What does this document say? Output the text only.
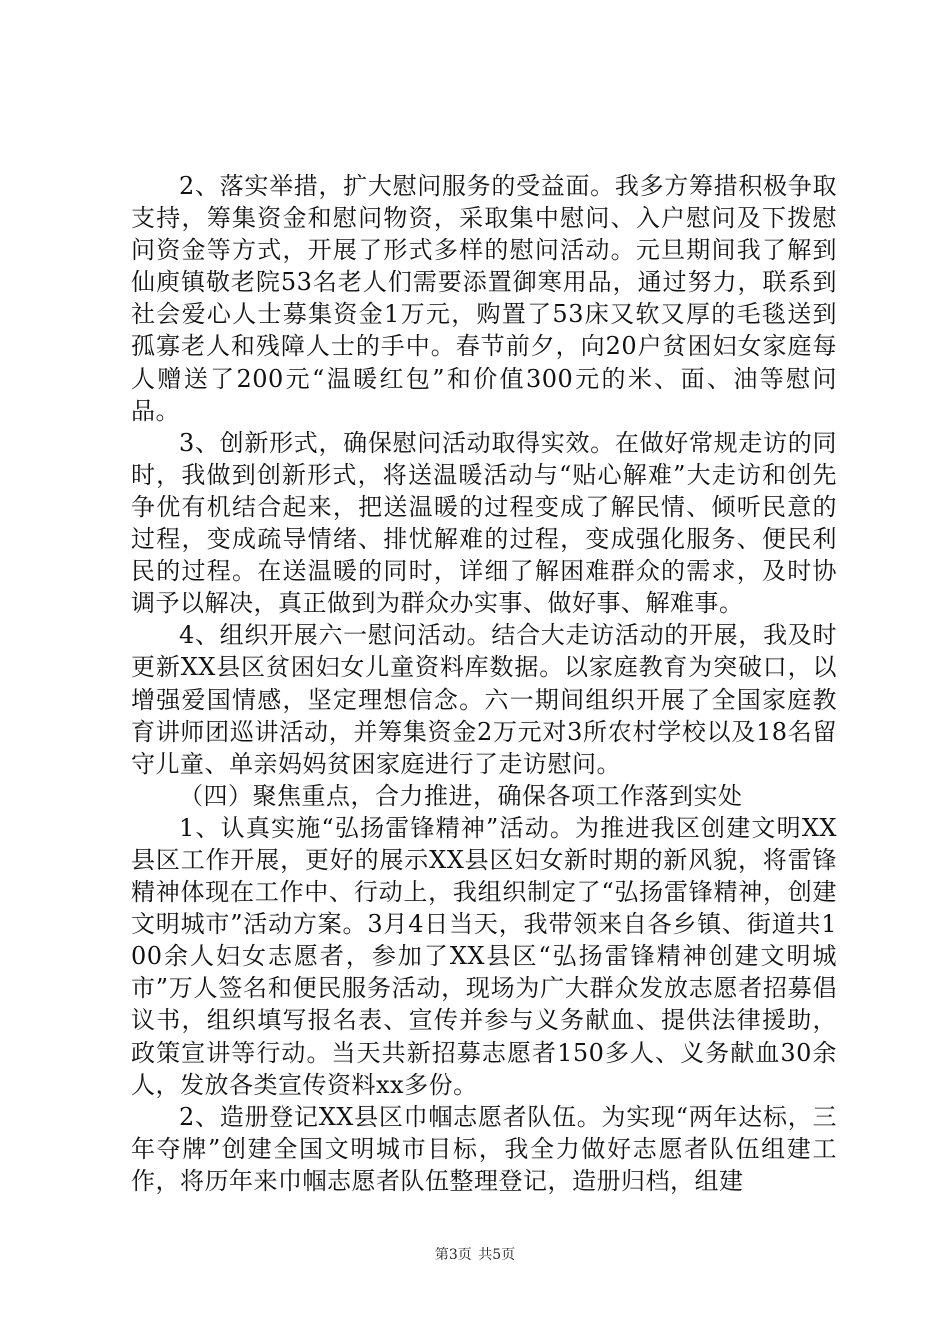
2、落实举措，扩大慰问服务的受益面。我多方筹措积极争取支持，筹集资金和慰问物资，采取集中慰问、入户慰问及下拨慰问资金等方式，开展了形式多样的慰问活动。元旦期间我了解到仙庾镇敬老院53名老人们需要添置御寒用品，通过努力，联系到社会爱心人士募集资金1万元，购置了53床又软又厚的毛毯送到孤寡老人和残障人士的手中。春节前夕，向20户贫困妇女家庭每人赠送了200元“温暖红包”和价值300元的米、面、油等慰问品。

3、创新形式，确保慰问活动取得实效。在做好常规走访的同时，我做到创新形式，将送温暖活动与“贴心解难”大走访和创先争优有机结合起来，把送温暖的过程变成了解民情、倾听民意的过程，变成疏导情绪、排忧解难的过程，变成强化服务、便民利民的过程。在送温暖的同时，详细了解困难群众的需求，及时协调予以解决，真正做到为群众办实事、做好事、解难事。

4、组织开展六一慰问活动。结合大走访活动的开展，我及时更新XX县区贫困妇女儿童资料库数据。以家庭教育为突破口，以增强爱国情感，坚定理想信念。六一期间组织开展了全国家庭教育讲师团巡讲活动，并筹集资金2万元对3所农村学校以及18名留守儿童、单亲妈妈贫困家庭进行了走访慰问。

（四）聚焦重点，合力推进，确保各项工作落到实处

1、认真实施“弘扬雷锋精神”活动。为推进我区创建文明XX县区工作开展，更好的展示XX县区妇女新时期的新风貌，将雷锋精神体现在工作中、行动上，我组织制定了“弘扬雷锋精神，创建文明城市”活动方案。3月4日当天，我带领来自各乡镇、街道共100余人妇女志愿者，参加了XX县区“弘扬雷锋精神创建文明城市”万人签名和便民服务活动，现场为广大群众发放志愿者招募倡议书，组织填写报名表、宣传并参与义务献血、提供法律援助，政策宣讲等行动。当天共新招募志愿者150多人、义务献血30余人，发放各类宣传资料xx多份。

2、造册登记XX县区巾帼志愿者队伍。为实现“两年达标，三年夺牌”创建全国文明城市目标，我全力做好志愿者队伍组建工作，将历年来巾帼志愿者队伍整理登记，造册归档，组建

第3页 共5页
